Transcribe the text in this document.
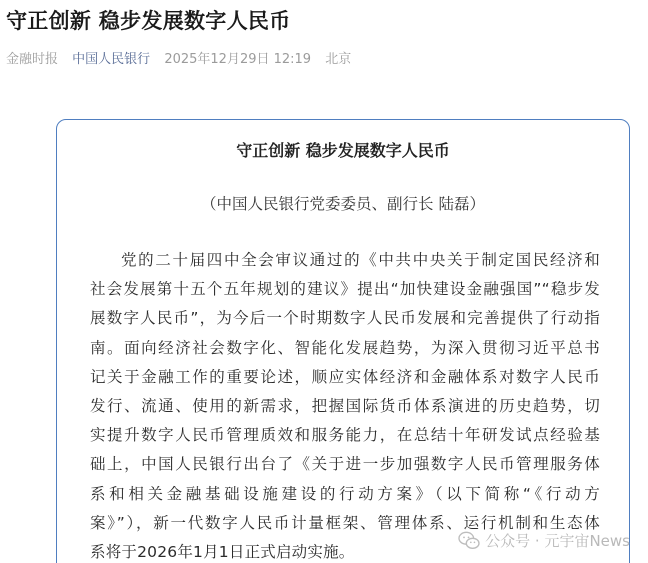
守正创新 稳步发展数字人民币
金融时报 中国人民银行 2025年12月29日 12:19 北京
守正创新 稳步发展数字人民币
（中国人民银行党委委员、副行长 陆磊）
党的二十届四中全会审议通过的《中共中央关于制定国民经济和
社会发展第十五个五年规划的建议》提出“加快建设金融强国”“稳步发
展数字人民币”，为今后一个时期数字人民币发展和完善提供了行动指
南。面向经济社会数字化、智能化发展趋势，为深入贯彻习近平总书
记关于金融工作的重要论述，顺应实体经济和金融体系对数字人民币
发行、流通、使用的新需求，把握国际货币体系演进的历史趋势，切
实提升数字人民币管理质效和服务能力，在总结十年研发试点经验基
础上，中国人民银行出台了《关于进一步加强数字人民币管理服务体
系和相关金融基础设施建设的行动方案》（以下简称“《行动方
案》”），新一代数字人民币计量框架、管理体系、运行机制和生态体
系将于2026年1月1日正式启动实施。
公众号 · 元宇宙News
